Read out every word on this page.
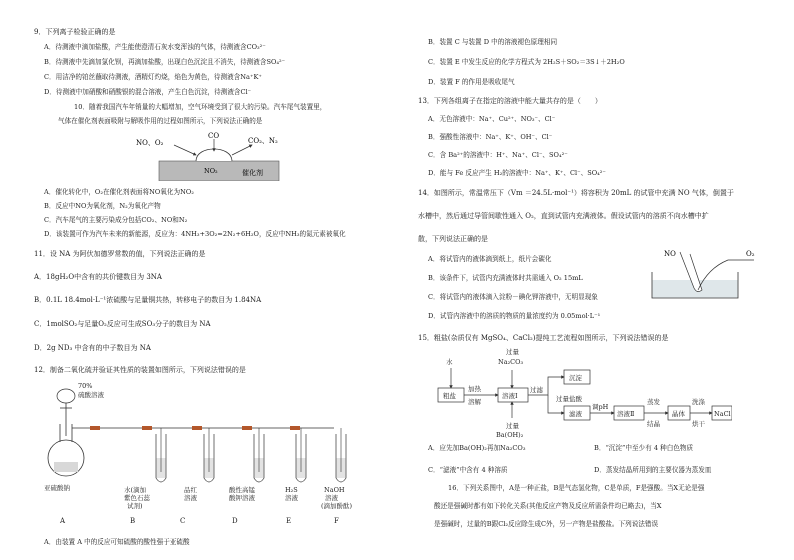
9．下列离子检验正确的是
A．待测液中滴加盐酸，产生能使澄清石灰水变浑浊的气体，待测液含CO₃²⁻
B．待测液中先滴加氯化钡，再滴加盐酸，出现白色沉淀且不消失，待测液含SO₄²⁻
C．用洁净的铂丝蘸取待测液，酒精灯灼烧，焰色为黄色，待测液含Na⁺K⁺
D．待测液中加硝酸和硝酸银的混合溶液，产生白色沉淀，待测液含Cl⁻
10．随着我国汽车年销量的大幅增加，空气环境受到了很大的污染。汽车尾气装置里，
气体在催化剂表面吸附与解吸作用的过程如图所示，下列说法正确的是
CO
NO、O₂	CO₂、N₂
NO₂	催化剂
A．催化转化中，O₂在催化剂表面将NO氧化为NO₂
B．反应中NO为氧化剂，N₂为氧化产物
C．汽车尾气的主要污染成分包括CO₂、NO和N₂
D．该装置可作为汽车未来的新能源，反应为：4NH₃+3O₂=2N₂+6H₂O，反应中NH₃的氮元素被氧化
11．设 NA 为阿伏加德罗常数的值，下列说法正确的是
A．18gH₂O中含有的共价键数目为 3NA
B．0.1L 18.4mol·L⁻¹浓硫酸与足量铜共热，转移电子的数目为 1.84NA
C．1molSO₂与足量O₂反应可生成SO₃分子的数目为 NA
D．2g ND₃ 中含有的中子数目为 NA
12．制备二氧化硫并验证其性质的装置如图所示，下列说法错误的是
70%
硫酸溶液
亚硫酸钠	水(滴加
紫色石蕊
试剂)
品红
溶液
酸性高锰
酸钾溶液
H₂S
溶液
NaOH
溶液
(滴加酚酞)
A	B	C	D	E	F
A．由装置 A 中的反应可知硫酸的酸性强于亚硫酸
B．装置 C 与装置 D 中的溶液褪色原理相同
C．装置 E 中发生反应的化学方程式为 2H₂S＋SO₂＝3S↓＋2H₂O
D．装置 F 的作用是吸收尾气
13．下列各组离子在指定的溶液中能大量共存的是（　　）
A．无色溶液中：Na⁺、Cu²⁺、NO₃⁻、Cl⁻
B．强酸性溶液中：Na⁺、K⁺、OH⁻、Cl⁻
C．含 Ba²⁺的溶液中：H⁺、Na⁺、Cl⁻、SO₄²⁻
D．能与 Fe 反应产生 H₂的溶液中：Na⁺、K⁺、Cl⁻、SO₄²⁻
14．如图所示，常温常压下（Vm ＝24.5L·mol⁻¹）将容积为 20mL 的试管中充满 NO 气体，倒置于
水槽中，然后通过导管间歇性通入 O₂，直到试管内充满液体。假设试管内的溶质不向水槽中扩
散，下列说法正确的是
NO	O₂
A．将试管内的液体滴到纸上，纸片会碳化
B．该条件下，试管内充满液体时共需通入 O₂ 15mL
C．将试管内的液体滴入淀粉－碘化钾溶液中，无明显现象
D．试管内溶液中的溶质的物质的量浓度约为 0.05mol·L⁻¹
15．粗盐(杂质仅有 MgSO₄、CaCl₂)提纯工艺流程如图所示，下列说法错误的是
水
过量
Na₂CO₃
粗盐
加热
溶解
溶液Ⅰ
过滤
沉淀
过量盐酸
滤液
调pH
溶液Ⅱ
蒸发
结晶
晶体
洗涤
烘干
NaCl
过量
Ba(OH)₂
A．应先加Ba(OH)₂再加Na₂CO₃	B．“沉淀”中至少有 4 种白色物质
C．“滤液”中含有 4 种溶质	D．蒸发结晶所用到的主要仪器为蒸发皿
16．下列关系图中，A是一种正盐，B是气态氢化物，C是单质，F是强酸。当X无论是强
酸还是强碱时都有如下转化关系(其他反应产物及反应所需条件均已略去)，当X
是强碱时，过量的B跟Cl₂反应除生成C外，另一产物是盐酸盐。下列说法错误
